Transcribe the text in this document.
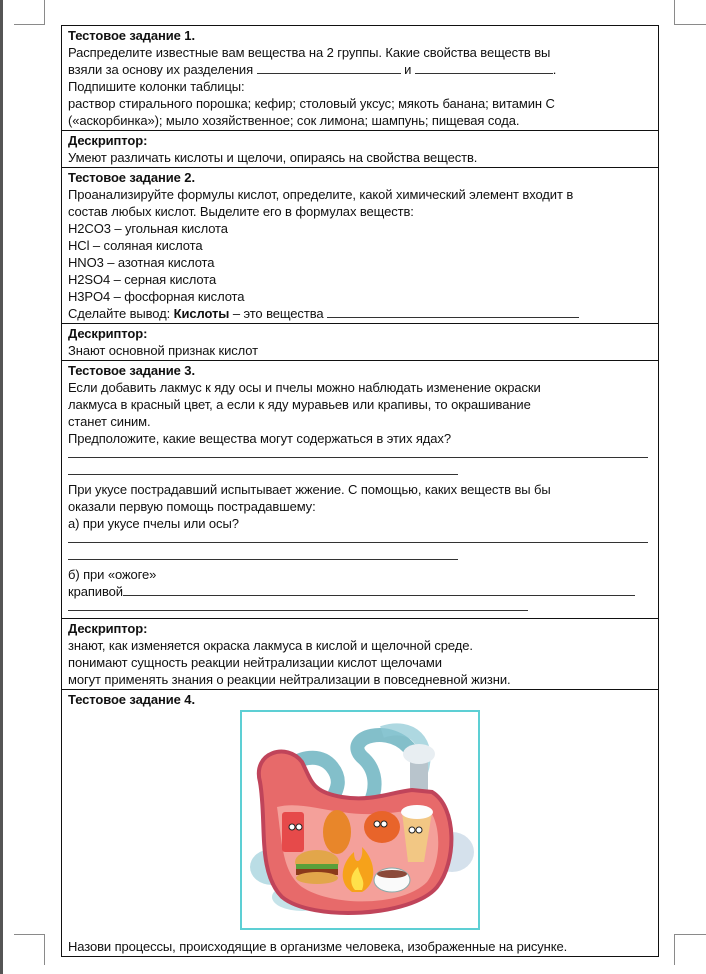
Тестовое задание 1.
Распределите известные вам вещества на 2 группы. Какие свойства веществ вы
взяли за основу их разделения	и	.
Подпишите колонки таблицы:
раствор стирального порошка; кефир; столовый уксус; мякоть банана; витамин С
(«аскорбинка»); мыло хозяйственное; сок лимона; шампунь; пищевая сода.

Дескриптор:
Умеют различать кислоты и щелочи, опираясь на свойства веществ.

Тестовое задание 2.
Проанализируйте формулы кислот, определите, какой химический элемент входит в
состав любых кислот. Выделите его в формулах веществ:
H2CO3 – угольная кислота
HCl – соляная кислота
HNO3 – азотная кислота
H2SO4 – серная кислота
H3PO4 – фосфорная кислота
Сделайте вывод: Кислоты – это вещества

Дескриптор:
Знают основной признак кислот

Тестовое задание 3.
Если добавить лакмус к яду осы и пчелы можно наблюдать изменение окраски
лакмуса в красный цвет, а если к яду муравьев или крапивы, то окрашивание
станет синим.
Предположите, какие вещества могут содержаться в этих ядах?
При укусе пострадавший испытывает жжение. С помощью, каких веществ вы бы
оказали первую помощь пострадавшему:
а) при укусе пчелы или осы?
б) при «ожоге»
крапивой

Дескриптор:
знают, как изменяется окраска лакмуса в кислой и щелочной среде.
понимают сущность реакции нейтрализации кислот щелочами
могут применять знания о реакции нейтрализации в повседневной жизни.

Тестовое задание 4.
Назови процессы, происходящие в организме человека, изображенные на рисунке.
